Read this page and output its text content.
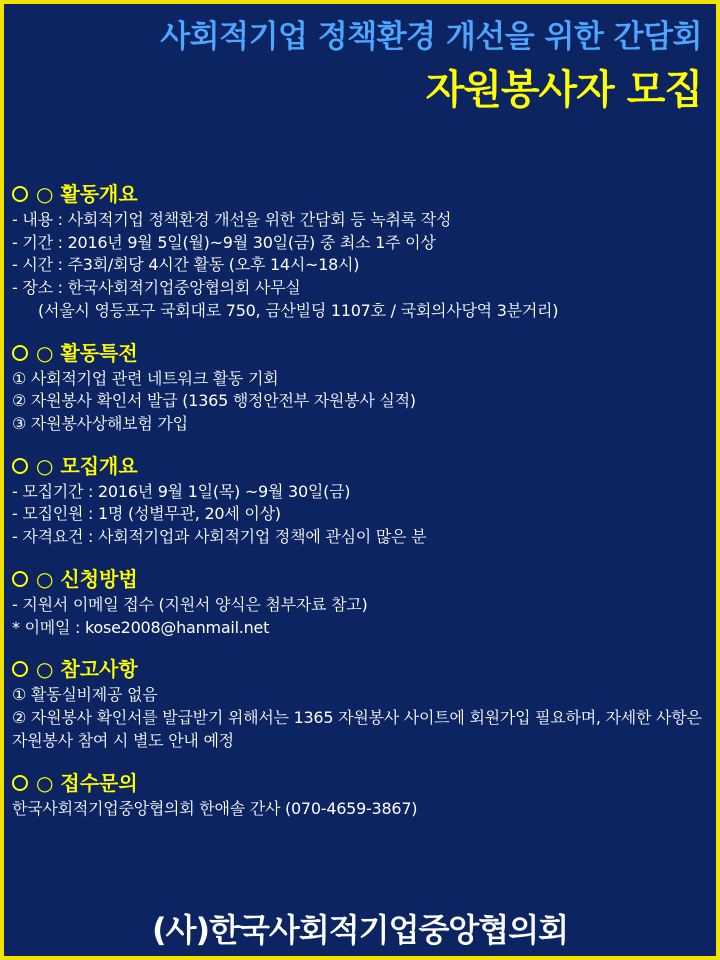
사회적기업 정책환경 개선을 위한 간담회
자원봉사자 모집
○ 활동개요
- 내용 : 사회적기업 정책환경 개선을 위한 간담회 등 녹취록 작성
- 기간 : 2016년 9월 5일(월)~9월 30일(금) 중 최소 1주 이상
- 시간 : 주3회/회당 4시간 활동 (오후 14시~18시)
- 장소 : 한국사회적기업중앙협의회 사무실
(서울시 영등포구 국회대로 750, 금산빌딩 1107호 / 국회의사당역 3분거리)
○ 활동특전
① 사회적기업 관련 네트워크 활동 기회
② 자원봉사 확인서 발급 (1365 행정안전부 자원봉사 실적)
③ 자원봉사상해보험 가입
○ 모집개요
- 모집기간 : 2016년 9월 1일(목) ~9월 30일(금)
- 모집인원 : 1명 (성별무관, 20세 이상)
- 자격요건 : 사회적기업과 사회적기업 정책에 관심이 많은 분
○ 신청방법
- 지원서 이메일 접수 (지원서 양식은 첨부자료 참고)
* 이메일 : kose2008@hanmail.net
○ 참고사항
① 활동실비제공 없음
② 자원봉사 확인서를 발급받기 위해서는 1365 자원봉사 사이트에 회원가입 필요하며, 자세한 사항은 자원봉사 참여 시 별도 안내 예정
○ 접수문의
한국사회적기업중앙협의회 한애솔 간사 (070-4659-3867)
(사)한국사회적기업중앙협의회
